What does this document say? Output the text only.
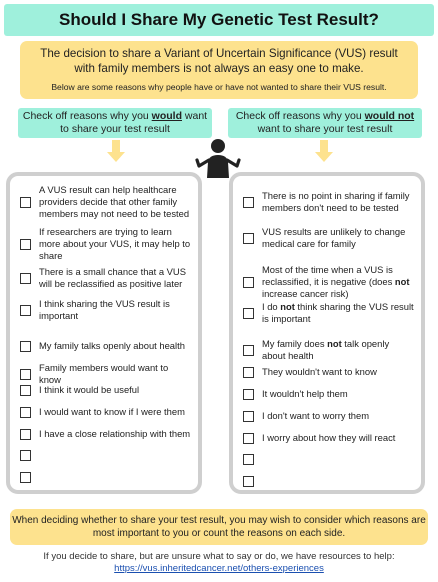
Should I Share My Genetic Test Result?
The decision to share a Variant of Uncertain Significance (VUS) result with family members is not always an easy one to make.
Below are some reasons why people have or have not wanted to share their VUS result.
Check off reasons why you would want to share your test result
Check off reasons why you would not want to share your test result
A VUS result can help healthcare providers decide that other family members may not need to be tested
If researchers are trying to learn more about your VUS, it may help to share
There is a small chance that a VUS will be reclassified as positive later
I think sharing the VUS result is important
My family talks openly about health
Family members would want to know
I think it would be useful
I would want to know if I were them
I have a close relationship with them
There is no point in sharing if family members don't need to be tested
VUS results are unlikely to change medical care for family
Most of the time when a VUS is reclassified, it is negative (does not increase cancer risk)
I do not think sharing the VUS result is important
My family does not talk openly about health
They wouldn't want to know
It wouldn't help them
I don't want to worry them
I worry about how they will react
When deciding whether to share your test result, you may wish to consider which reasons are most important to you or count the reasons on each side.
If you decide to share, but are unsure what to say or do, we have resources to help:
https://vus.inheritedcancer.net/others-experiences
